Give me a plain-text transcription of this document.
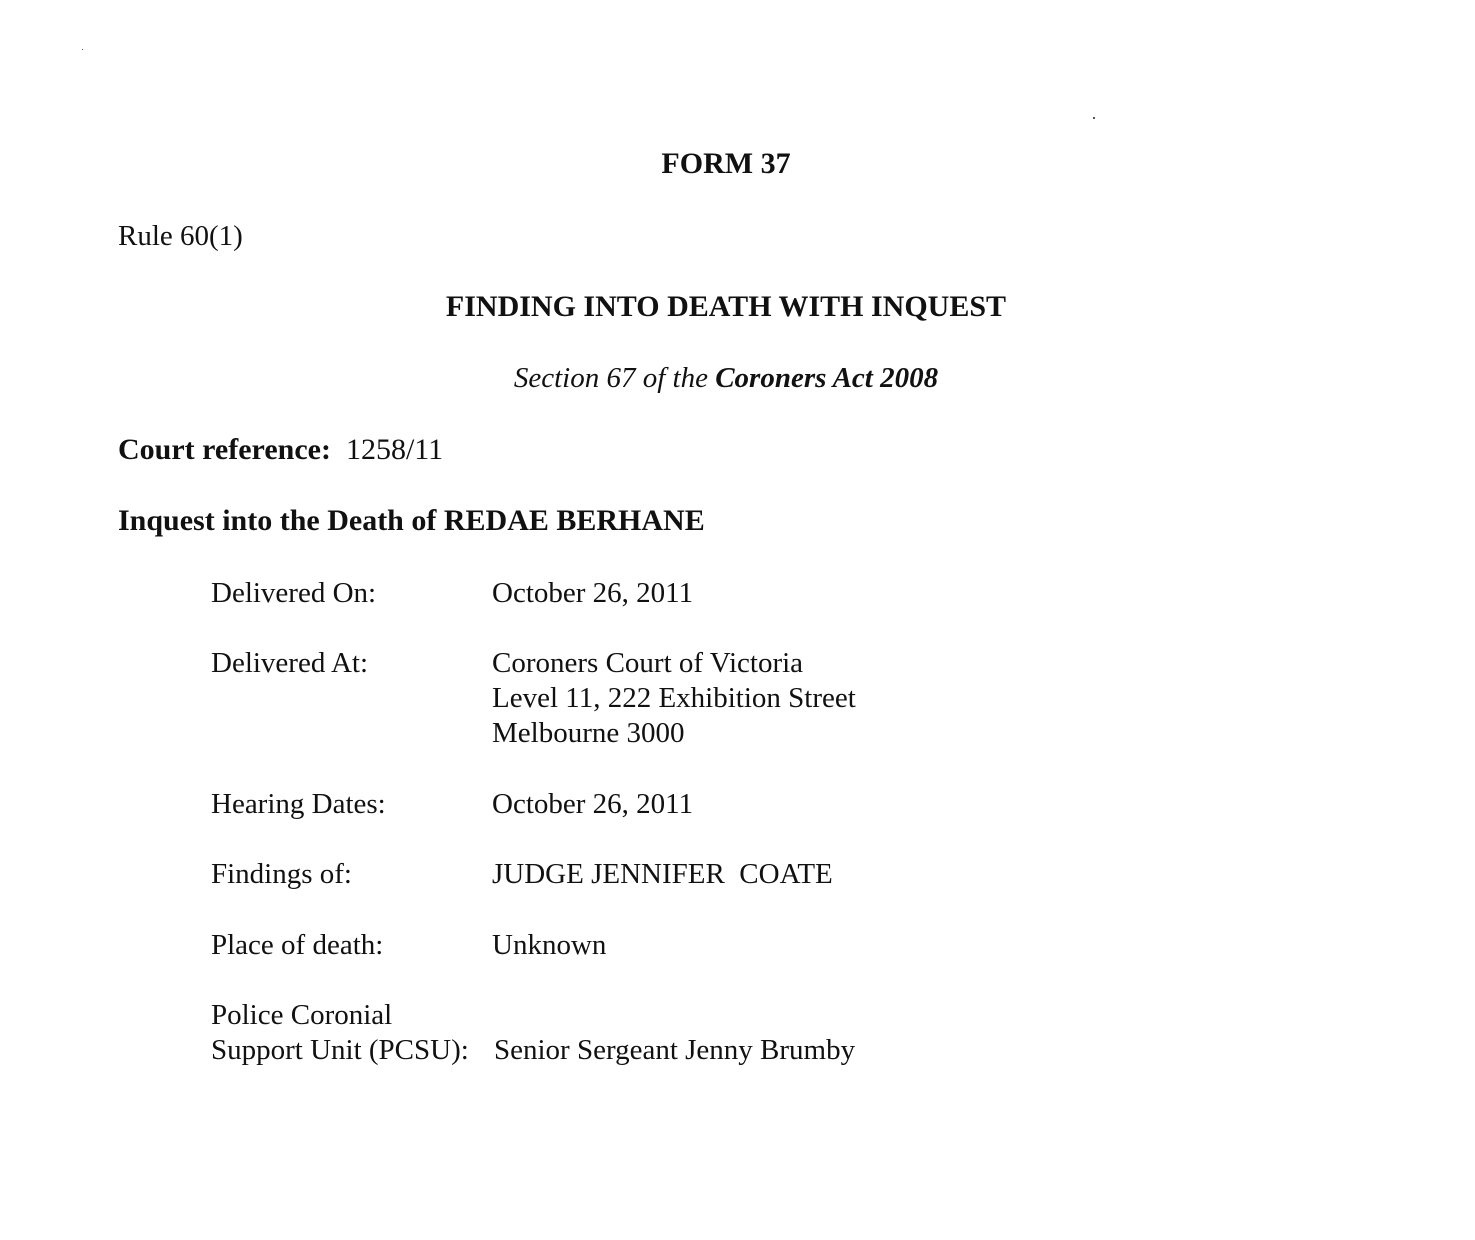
FORM 37
Rule 60(1)
FINDING INTO DEATH WITH INQUEST
Section 67 of the Coroners Act 2008
Court reference: 1258/11
Inquest into the Death of REDAE BERHANE
Delivered On:	October 26, 2011
Delivered At:	Coroners Court of Victoria
Level 11, 222 Exhibition Street
Melbourne 3000
Hearing Dates:	October 26, 2011
Findings of:	JUDGE JENNIFER  COATE
Place of death:	Unknown
Police Coronial
Support Unit (PCSU): Senior Sergeant Jenny Brumby
